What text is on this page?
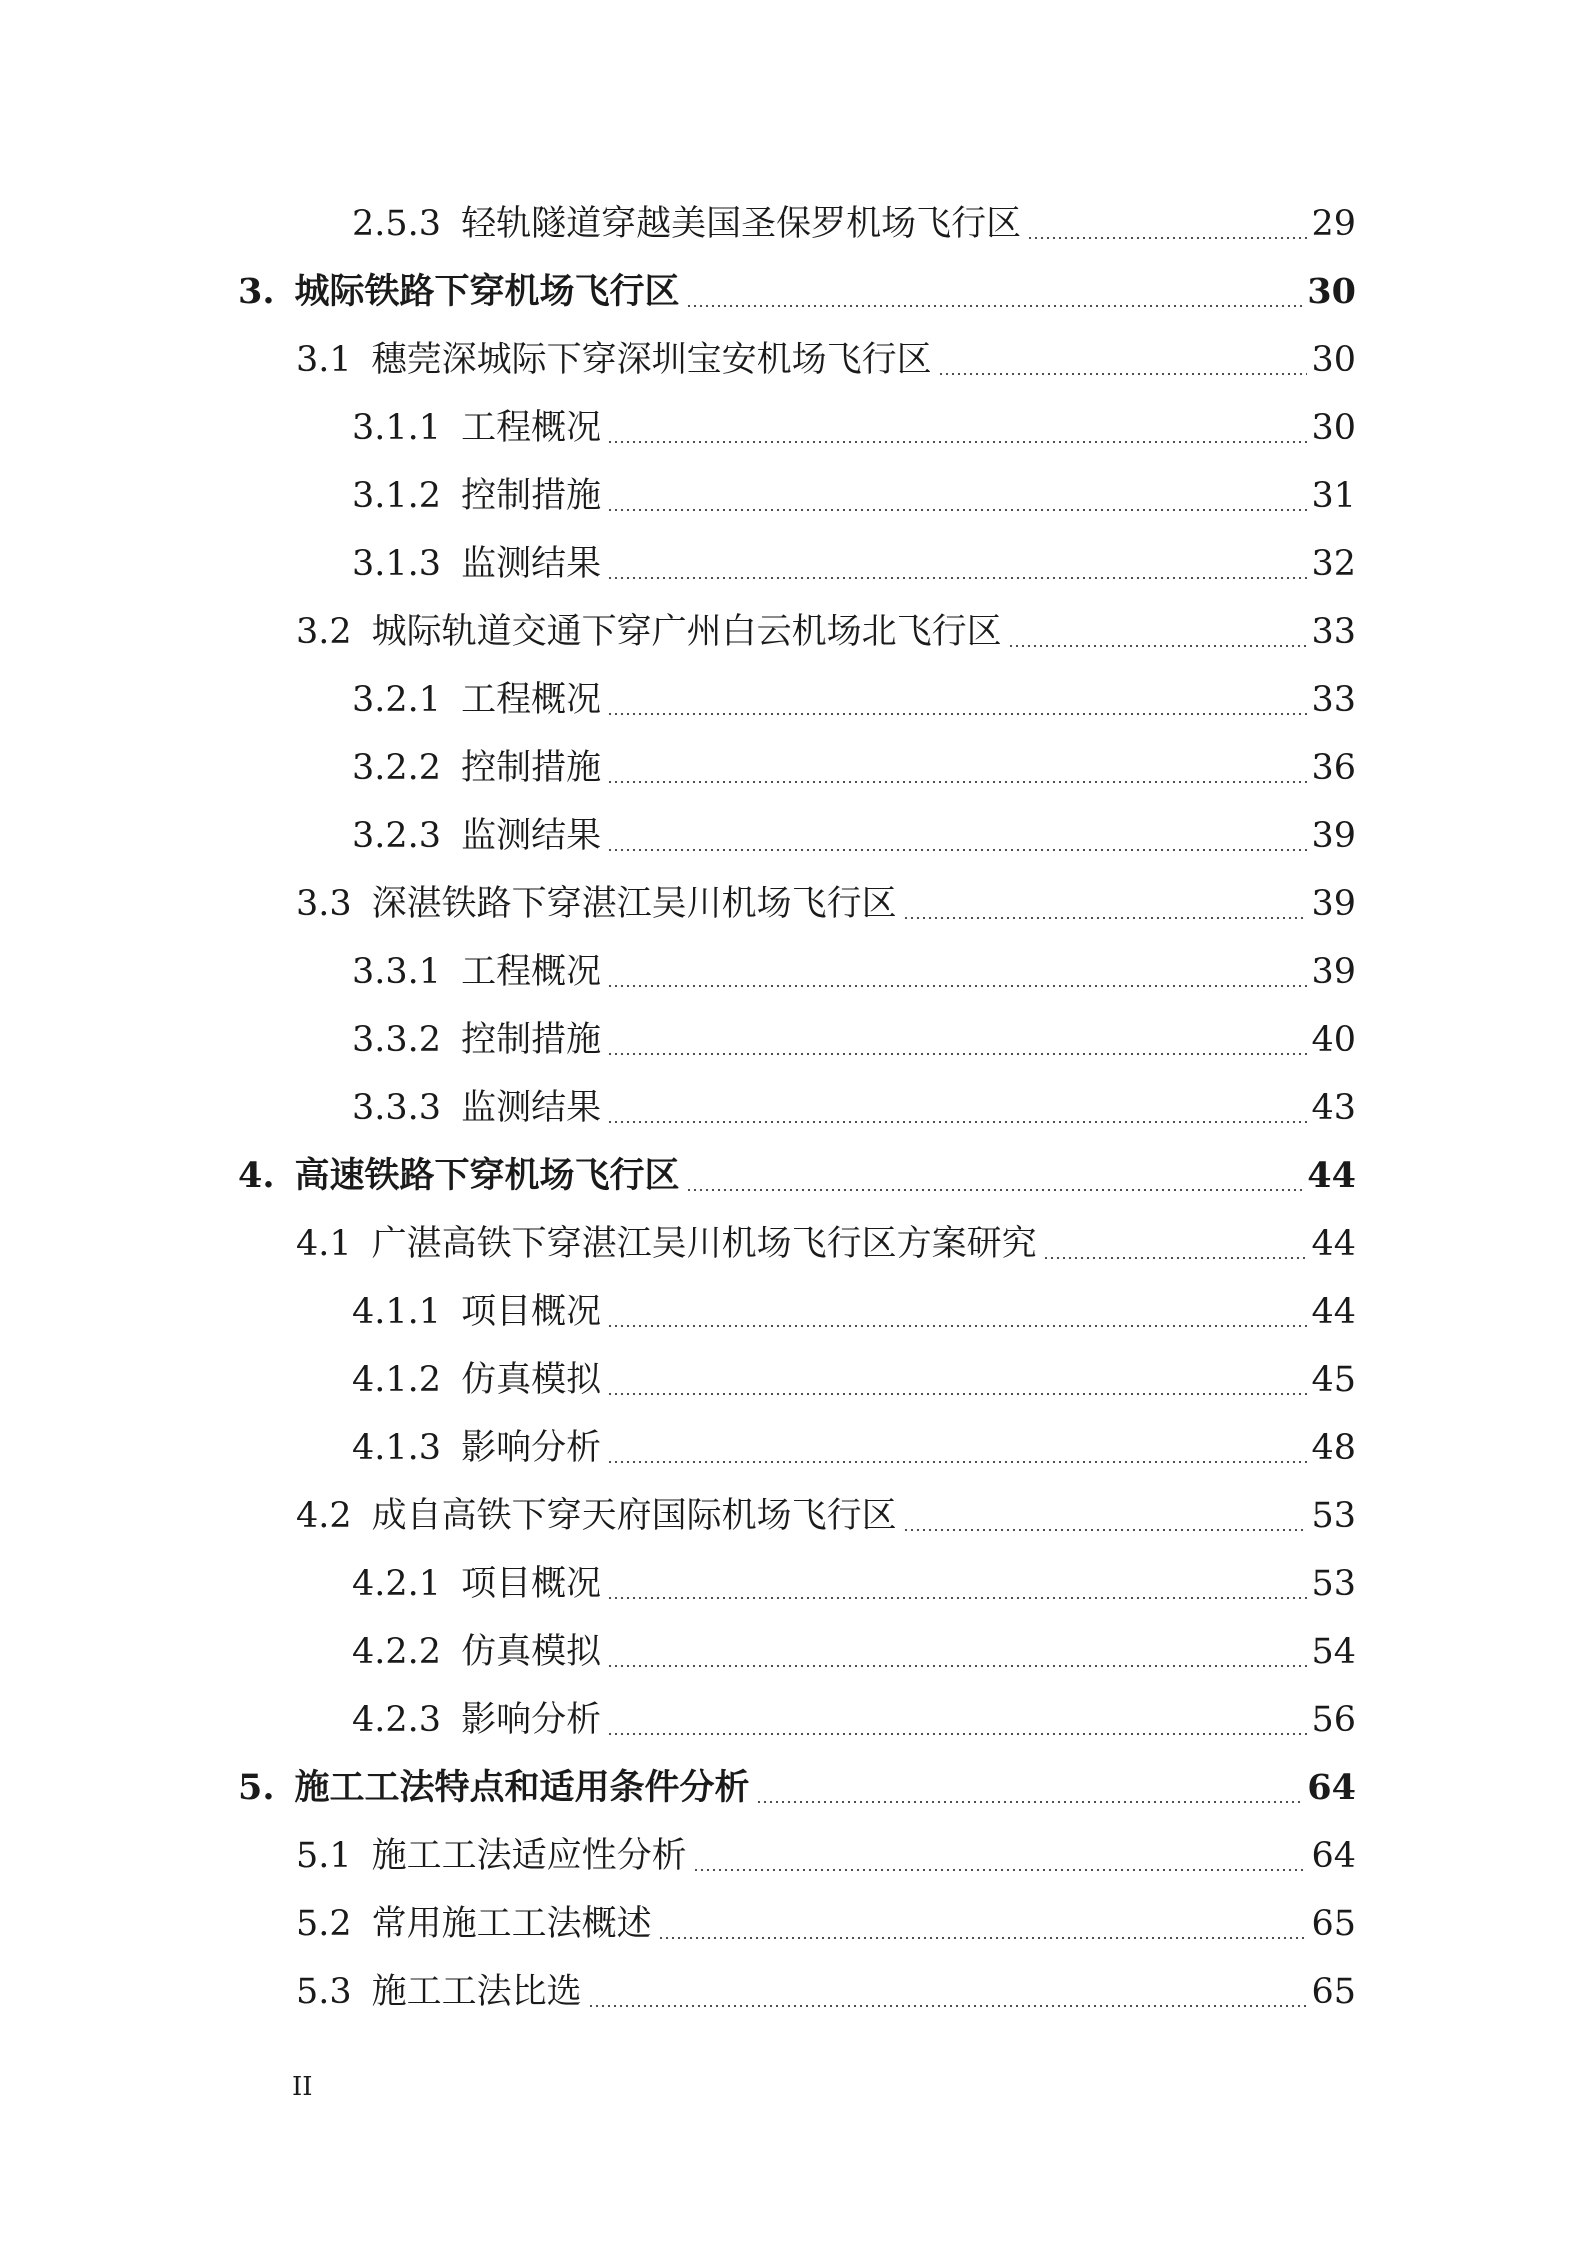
2.5.3 轻轨隧道穿越美国圣保罗机场飞行区	29
3. 城际铁路下穿机场飞行区	30
3.1 穗莞深城际下穿深圳宝安机场飞行区	30
3.1.1 工程概况	30
3.1.2 控制措施	31
3.1.3 监测结果	32
3.2 城际轨道交通下穿广州白云机场北飞行区	33
3.2.1 工程概况	33
3.2.2 控制措施	36
3.2.3 监测结果	39
3.3 深湛铁路下穿湛江吴川机场飞行区	39
3.3.1 工程概况	39
3.3.2 控制措施	40
3.3.3 监测结果	43
4. 高速铁路下穿机场飞行区	44
4.1 广湛高铁下穿湛江吴川机场飞行区方案研究	44
4.1.1 项目概况	44
4.1.2 仿真模拟	45
4.1.3 影响分析	48
4.2 成自高铁下穿天府国际机场飞行区	53
4.2.1 项目概况	53
4.2.2 仿真模拟	54
4.2.3 影响分析	56
5. 施工工法特点和适用条件分析	64
5.1 施工工法适应性分析	64
5.2 常用施工工法概述	65
5.3 施工工法比选	65
II
